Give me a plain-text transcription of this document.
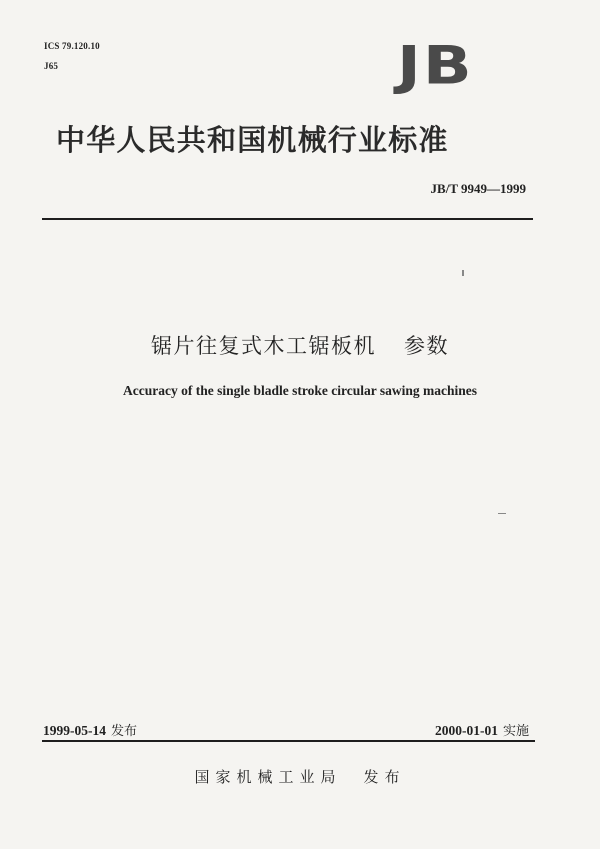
ICS 79.120.10
J65	JB
中华人民共和国机械行业标准
JB/T 9949—1999
锯片往复式木工锯板机 参数
Accuracy of the single bladle stroke circular sawing machines
1999-05-14 发布	2000-01-01 实施
国家机械工业局 发布
